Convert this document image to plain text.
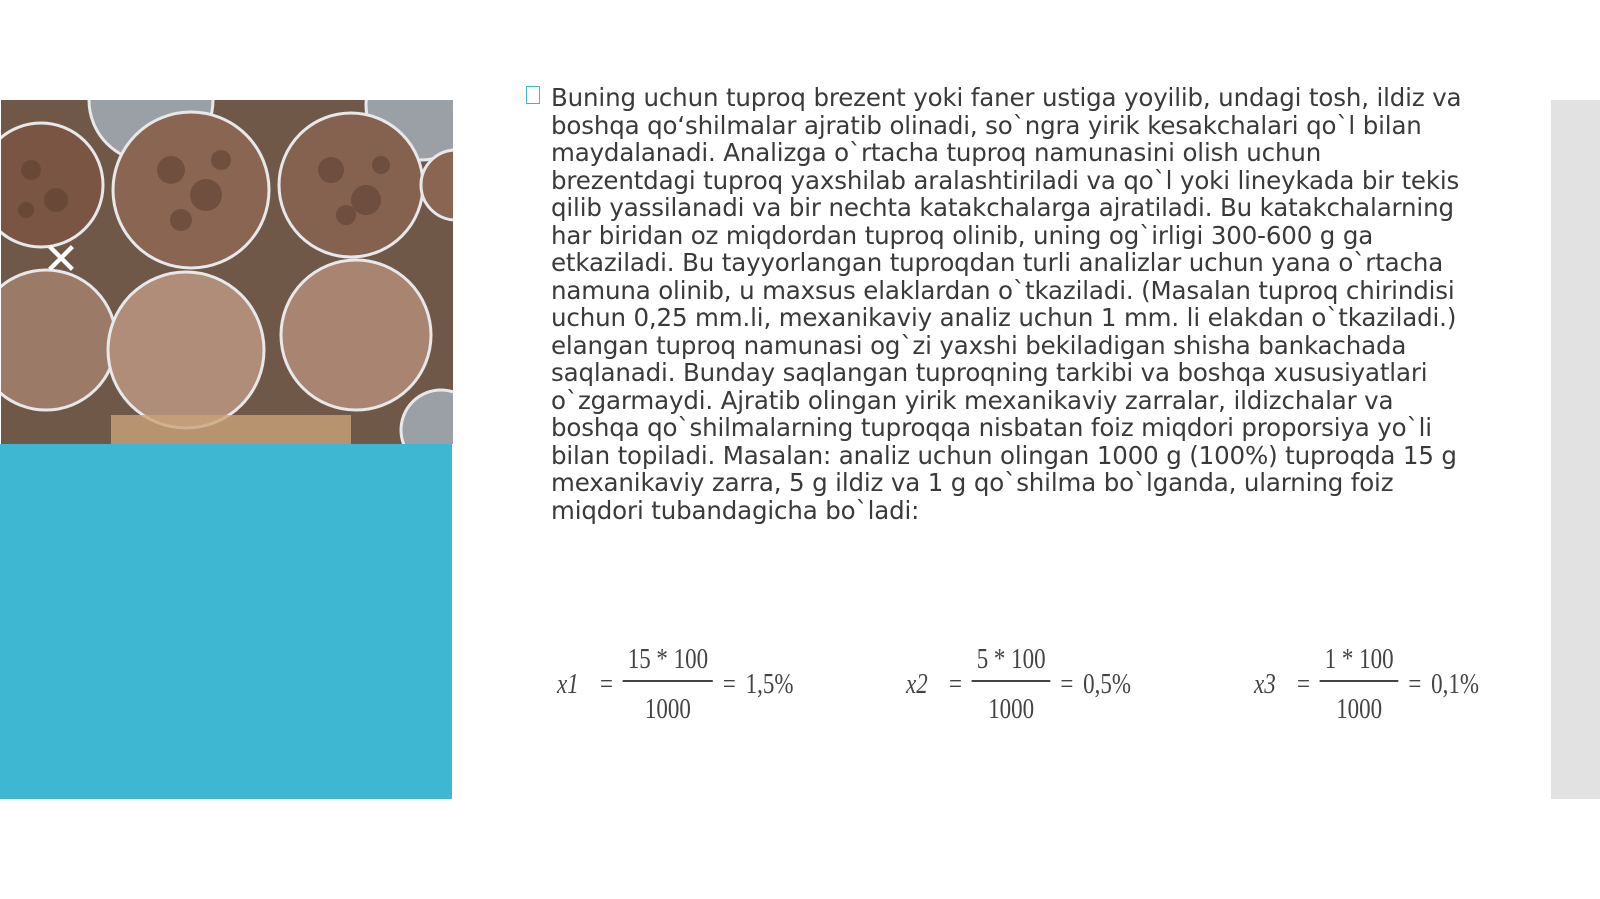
✕

Buning uchun tuproq brezent yoki faner ustiga yoyilib, undagi tosh, ildiz va boshqa qo‘shilmalar ajratib olinadi, so`ngra yirik kesakchalari qo`l bilan maydalanadi. Analizga o`rtacha tuproq namunasini olish uchun brezentdagi tuproq yaxshilab aralashtiriladi va qo`l yoki lineykada bir tekis qilib yassilanadi va bir nechta katakchalarga ajratiladi. Bu katakchalarning har biridan oz miqdordan tuproq olinib, uning og`irligi 300-600 g ga etkaziladi. Bu tayyorlangan tuproqdan turli analizlar uchun yana o`rtacha namuna olinib, u maxsus elaklardan o`tkaziladi. (Masalan tuproq chirindisi uchun 0,25 mm.li, mexanikaviy analiz uchun 1 mm. li elakdan o`tkaziladi.) elangan tuproq namunasi og`zi yaxshi bekiladigan shisha bankachada saqlanadi. Bunday saqlangan tuproqning tarkibi va boshqa xususiyatlari o`zgarmaydi. Ajratib olingan yirik mexanikaviy zarralar, ildizchalar va boshqa qo`shilmalarning tuproqqa nisbatan foiz miqdori proporsiya yo`li bilan topiladi. Masalan: analiz uchun olingan 1000 g (100%) tuproqda 15 g mexanikaviy zarra, 5 g ildiz va 1 g qo`shilma bo`lganda, ularning foiz miqdori tubandagicha bo`ladi:

$x1 = \frac{15 * 100}{1000} = 1,5\%$	$x2 = \frac{5 * 100}{1000} = 0,5\%$	$x3 = \frac{1 * 100}{1000} = 0,1\%$
